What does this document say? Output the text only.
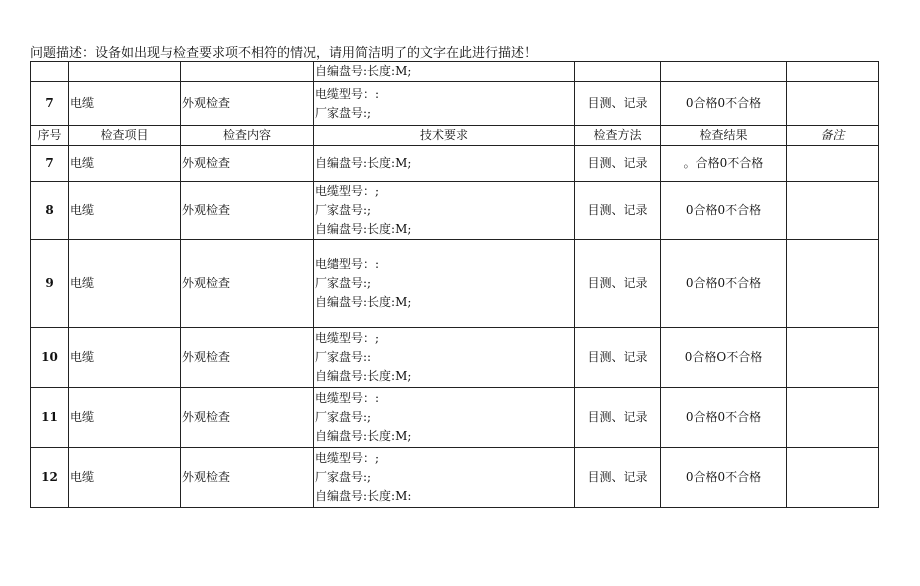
问题描述：设备如出现与检查要求项不相符的情况，请用简洁明了的文字在此进行描述！

			自编盘号:长度:M;			

7	电缆	外观检查	电缆型号：:
厂家盘号:;	目测、记录	0合格0不合格	
序号	检查项目	检查内容	技术要求	检查方法	检查结果	备注
7	电缆	外观检查	自编盘号:长度:M;	目测、记录	。合格0不合格	
8	电缆	外观检查	电缆型号：;
厂家盘号:;
自编盘号:长度:M;	目测、记录	0合格0不合格	
9	电缆	外观检查	电缱型号：:
厂家盘号:;
自编盘号:长度:M;	目测、记录	0合格0不合格	
10	电缆	外观检查	电缆型号：;
厂家盘号::
自编盘号:长度:M;	目测、记录	0合格O不合格	
11	电缆	外观检查	电缆型号：:
厂家盘号:;
自编盘号:长度:M;	目测、记录	0合格0不合格	
12	电缆	外观检查	电缆型号：;
厂家盘号:;
自编盘号:长度:M:	目测、记录	0合格0不合格	
